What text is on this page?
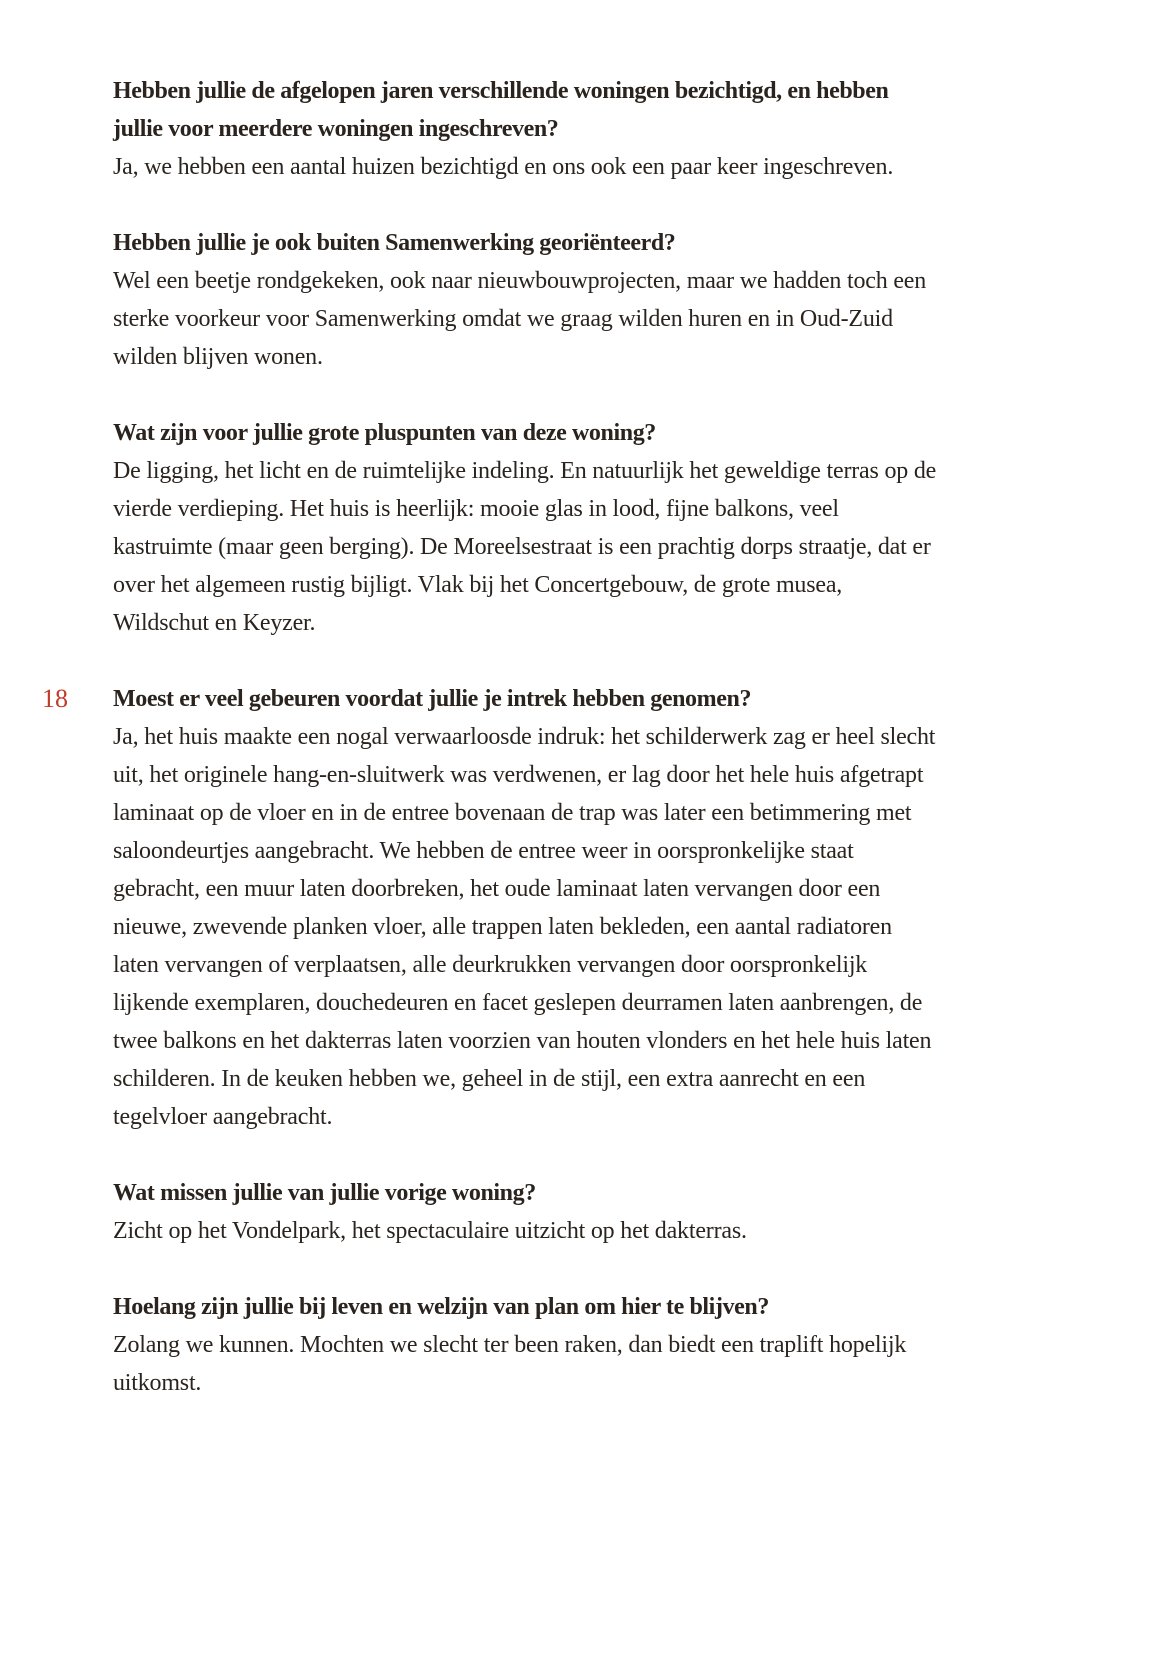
Hebben jullie de afgelopen jaren verschillende woningen bezichtigd, en hebben jullie voor meerdere woningen ingeschreven?

Ja, we hebben een aantal huizen bezichtigd en ons ook een paar keer ingeschreven.

Hebben jullie je ook buiten Samenwerking georiënteerd?

Wel een beetje rondgekeken, ook naar nieuwbouwprojecten, maar we hadden toch een sterke voorkeur voor Samenwerking omdat we graag wilden huren en in Oud-Zuid wilden blijven wonen.

Wat zijn voor jullie grote pluspunten van deze woning?

De ligging, het licht en de ruimtelijke indeling. En natuurlijk het geweldige terras op de vierde verdieping. Het huis is heerlijk: mooie glas in lood, fijne balkons, veel kastruimte (maar geen berging). De Moreelsestraat is een prachtig dorps straatje, dat er over het algemeen rustig bijligt. Vlak bij het Concertgebouw, de grote musea, Wildschut en Keyzer.

18 Moest er veel gebeuren voordat jullie je intrek hebben genomen?

Ja, het huis maakte een nogal verwaarloosde indruk: het schilderwerk zag er heel slecht uit, het originele hang-en-sluitwerk was verdwenen, er lag door het hele huis afgetrapt laminaat op de vloer en in de entree bovenaan de trap was later een betimmering met saloondeurtjes aangebracht. We hebben de entree weer in oorspronkelijke staat gebracht, een muur laten doorbreken, het oude laminaat laten vervangen door een nieuwe, zwevende planken vloer, alle trappen laten bekleden, een aantal radiatoren laten vervangen of verplaatsen, alle deurkrukken vervangen door oorspronkelijk lijkende exemplaren, douchedeuren en facet geslepen deurramen laten aanbrengen, de twee balkons en het dakterras laten voorzien van houten vlonders en het hele huis laten schilderen. In de keuken hebben we, geheel in de stijl, een extra aanrecht en een tegelvloer aangebracht.

Wat missen jullie van jullie vorige woning?

Zicht op het Vondelpark, het spectaculaire uitzicht op het dakterras.

Hoelang zijn jullie bij leven en welzijn van plan om hier te blijven?

Zolang we kunnen. Mochten we slecht ter been raken, dan biedt een traplift hopelijk uitkomst.
